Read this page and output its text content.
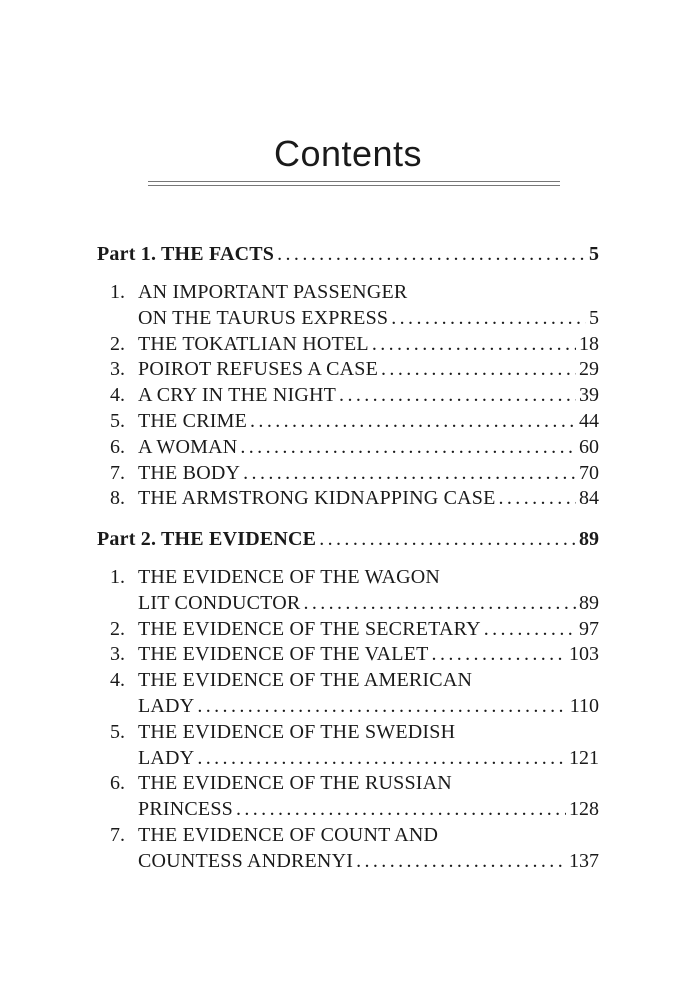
Contents
Part 1. THE FACTS .....	5
1. AN IMPORTANT PASSENGER
ON THE TAURUS EXPRESS .....	5
2. THE TOKATLIAN HOTEL .....	18
3. POIROT REFUSES A CASE .....	29
4. A CRY IN THE NIGHT .....	39
5. THE CRIME .....	44
6. A WOMAN .....	60
7. THE BODY .....	70
8. THE ARMSTRONG KIDNAPPING CASE .....	84
Part 2. THE EVIDENCE .....	89
1. THE EVIDENCE OF THE WAGON
LIT CONDUCTOR .....	89
2. THE EVIDENCE OF THE SECRETARY .....	97
3. THE EVIDENCE OF THE VALET .....	103
4. THE EVIDENCE OF THE AMERICAN
LADY .....	110
5. THE EVIDENCE OF THE SWEDISH
LADY .....	121
6. THE EVIDENCE OF THE RUSSIAN
PRINCESS .....	128
7. THE EVIDENCE OF COUNT AND
COUNTESS ANDRENYI .....	137
